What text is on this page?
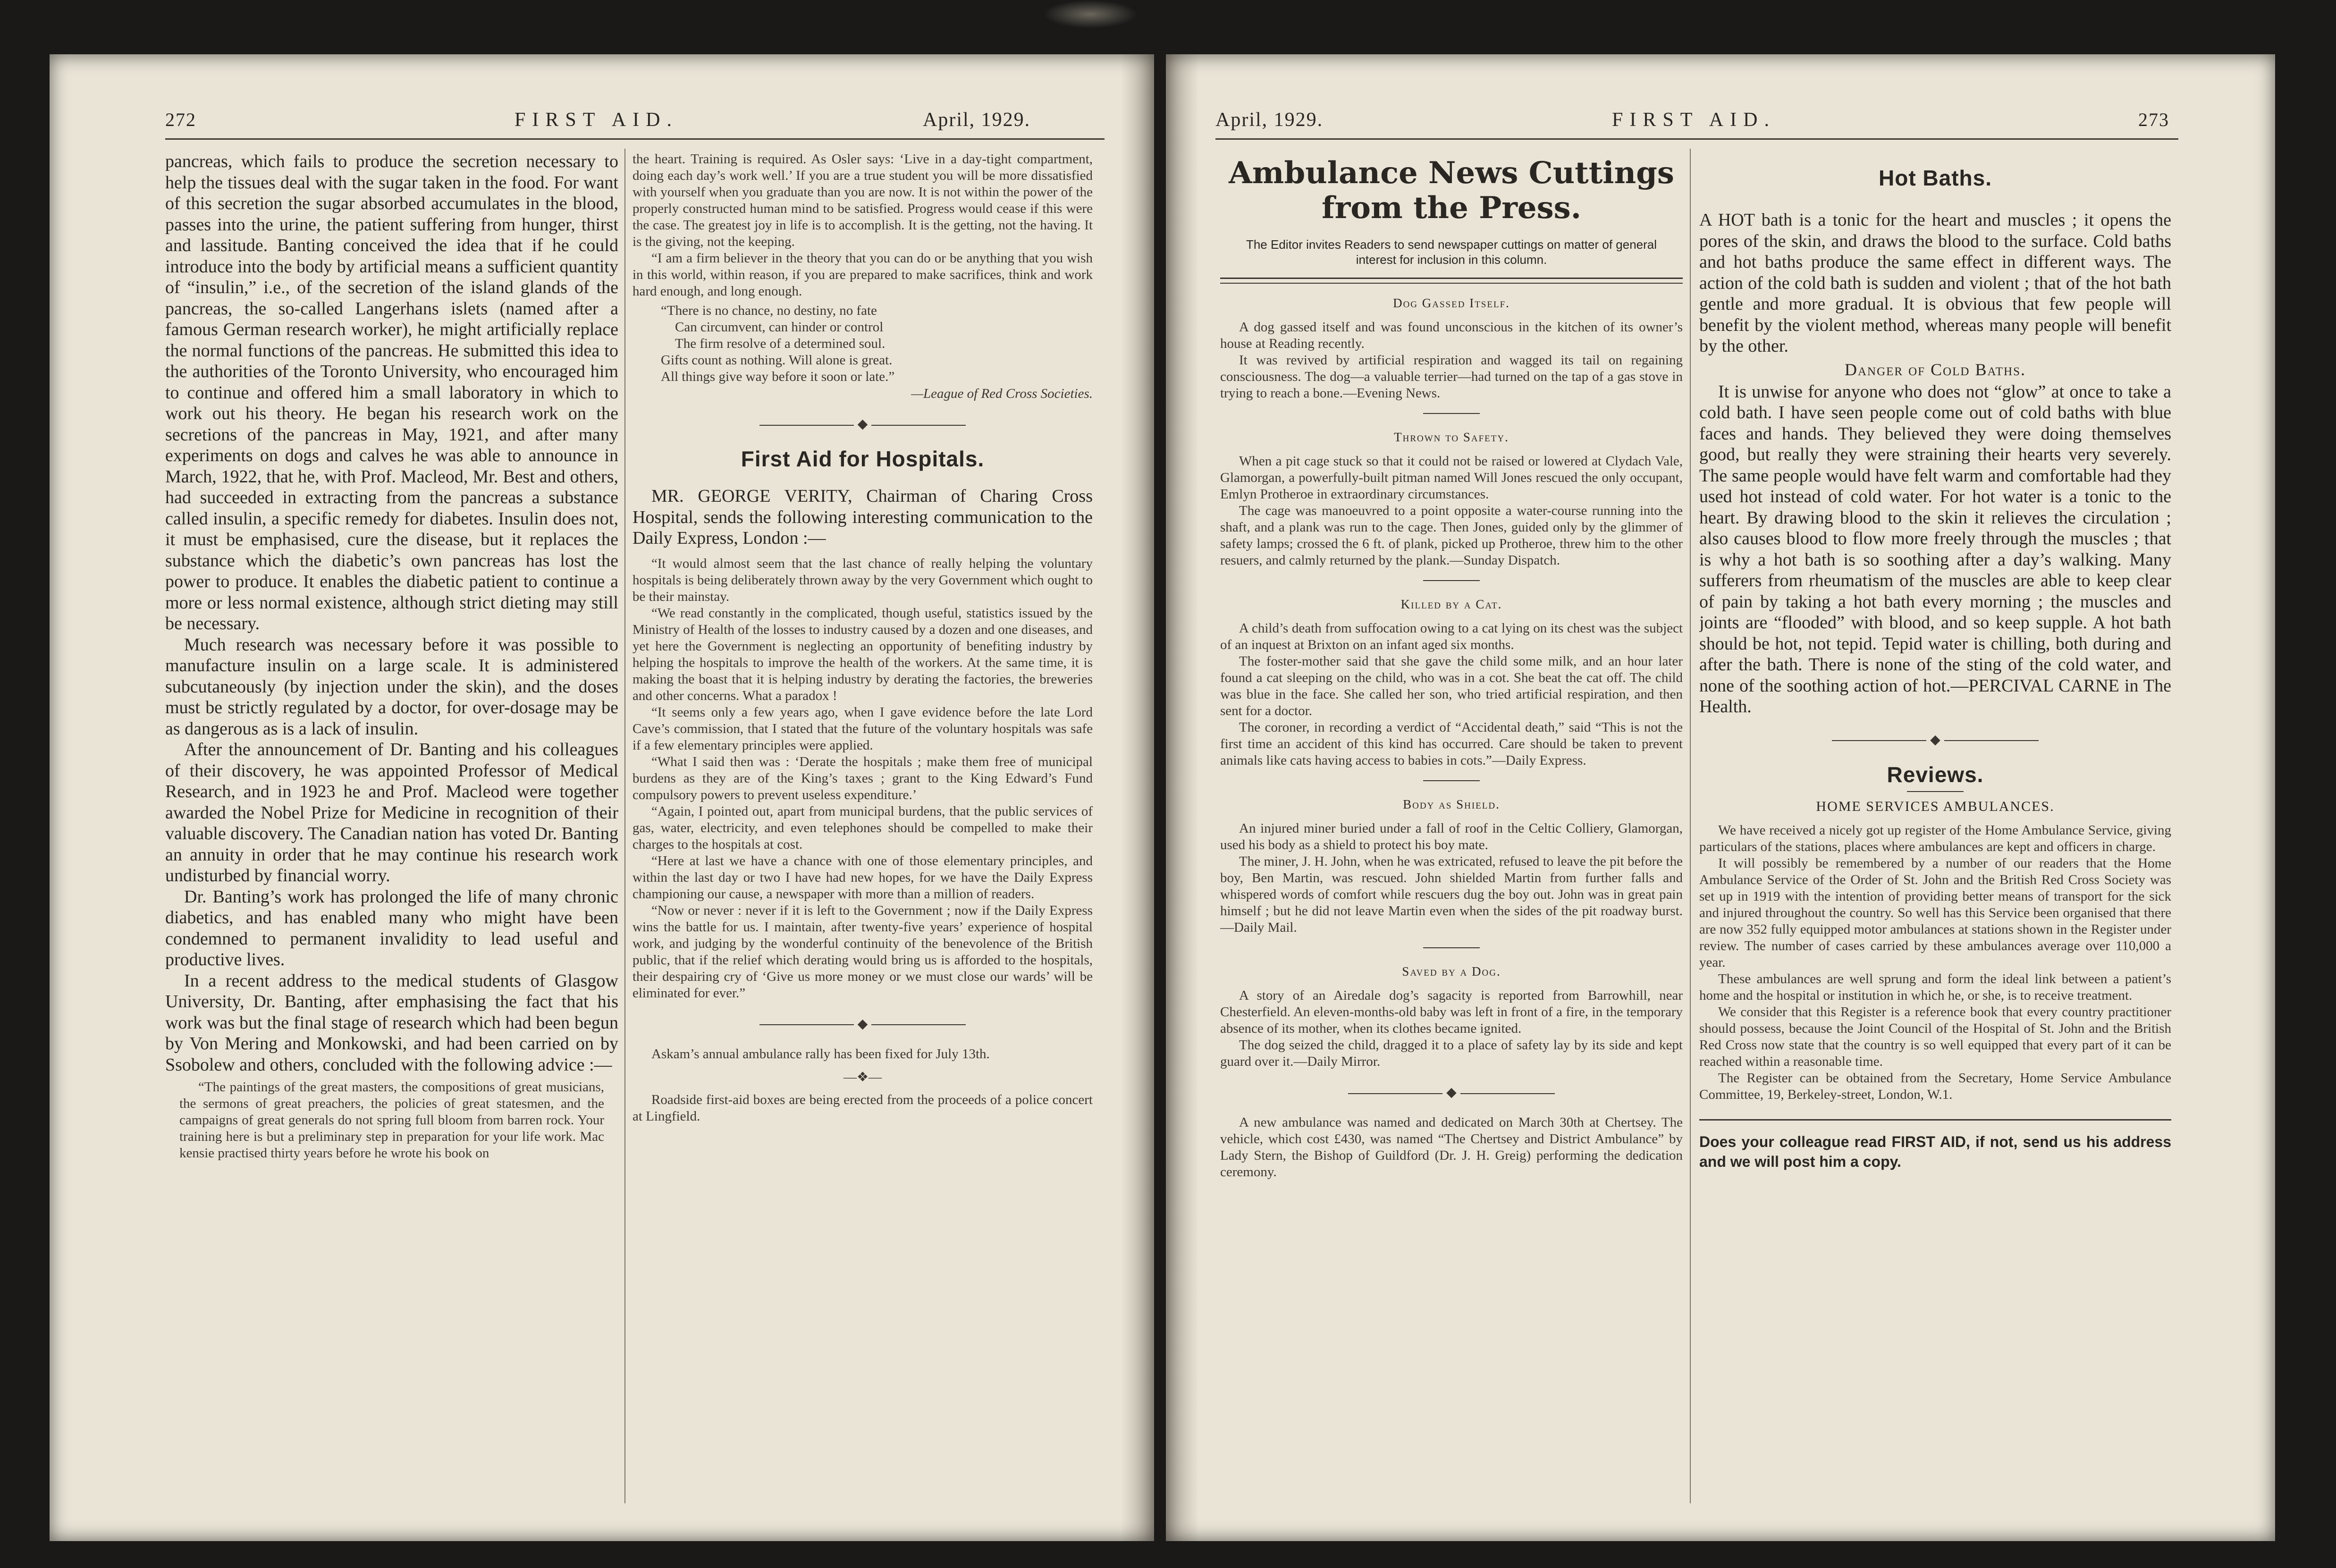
272	FIRST AID.	April, 1929.

pancreas, which fails to produce the secretion necessary to help the tissues deal with the sugar taken in the food. For want of this secretion the sugar absorbed accumulates in the blood, passes into the urine, the patient suffering from hunger, thirst and lassitude. Banting conceived the idea that if he could introduce into the body by artificial means a sufficient quantity of “insulin,” i.e., of the secretion of the island glands of the pancreas, the so-called Langerhans islets (named after a famous German research worker), he might artificially replace the normal functions of the pancreas. He submitted this idea to the authorities of the Toronto University, who encouraged him to continue and offered him a small laboratory in which to work out his theory. He began his research work on the secretions of the pancreas in May, 1921, and after many experiments on dogs and calves he was able to announce in March, 1922, that he, with Prof. Macleod, Mr. Best and others, had succeeded in extracting from the pancreas a substance called insulin, a specific remedy for diabetes. Insulin does not, it must be emphasised, cure the disease, but it replaces the substance which the diabetic’s own pancreas has lost the power to produce. It enables the diabetic patient to continue a more or less normal existence, although strict dieting may still be necessary.

Much research was necessary before it was possible to manufacture insulin on a large scale. It is administered subcutaneously (by injection under the skin), and the doses must be strictly regulated by a doctor, for over-dosage may be as dangerous as is a lack of insulin.

After the announcement of Dr. Banting and his colleagues of their discovery, he was appointed Professor of Medical Research, and in 1923 he and Prof. Macleod were together awarded the Nobel Prize for Medicine in recognition of their valuable discovery. The Canadian nation has voted Dr. Banting an annuity in order that he may continue his research work undisturbed by financial worry.

Dr. Banting’s work has prolonged the life of many chronic diabetics, and has enabled many who might have been condemned to permanent invalidity to lead useful and productive lives.

In a recent address to the medical students of Glasgow University, Dr. Banting, after emphasising the fact that his work was but the final stage of research which had been begun by Von Mering and Monkowski, and had been carried on by Ssobolew and others, concluded with the following advice :—

“The paintings of the great masters, the compositions of great musicians, the sermons of great preachers, the policies of great statesmen, and the campaigns of great generals do not spring full bloom from barren rock. Your training here is but a preliminary step in preparation for your life work. Mac kensie practised thirty years before he wrote his book on

the heart. Training is required. As Osler says: ‘Live in a day-tight compartment, doing each day’s work well.’ If you are a true student you will be more dissatisfied with yourself when you graduate than you are now. It is not within the power of the properly constructed human mind to be satisfied. Progress would cease if this were the case. The greatest joy in life is to accomplish. It is the getting, not the having. It is the giving, not the keeping.

“I am a firm believer in the theory that you can do or be anything that you wish in this world, within reason, if you are prepared to make sacrifices, think and work hard enough, and long enough.

“There is no chance, no destiny, no fate
Can circumvent, can hinder or control
The firm resolve of a determined soul.
Gifts count as nothing. Will alone is great.
All things give way before it soon or late.”
—League of Red Cross Societies.
◆
First Aid for Hospitals.

MR. GEORGE VERITY, Chairman of Charing Cross Hospital, sends the following interesting communication to the Daily Express, London :—

“It would almost seem that the last chance of really helping the voluntary hospitals is being deliberately thrown away by the very Government which ought to be their mainstay.

“We read constantly in the complicated, though useful, statistics issued by the Ministry of Health of the losses to industry caused by a dozen and one diseases, and yet here the Government is neglecting an opportunity of benefiting industry by helping the hospitals to improve the health of the workers. At the same time, it is making the boast that it is helping industry by derating the factories, the breweries and other concerns. What a paradox !

“It seems only a few years ago, when I gave evidence before the late Lord Cave’s commission, that I stated that the future of the voluntary hospitals was safe if a few elementary principles were applied.

“What I said then was : ‘Derate the hospitals ; make them free of municipal burdens as they are of the King’s taxes ; grant to the King Edward’s Fund compulsory powers to prevent useless expenditure.’

“Again, I pointed out, apart from municipal burdens, that the public services of gas, water, electricity, and even telephones should be compelled to make their charges to the hospitals at cost.

“Here at last we have a chance with one of those elementary principles, and within the last day or two I have had new hopes, for we have the Daily Express championing our cause, a newspaper with more than a million of readers.

“Now or never : never if it is left to the Government ; now if the Daily Express wins the battle for us. I maintain, after twenty-five years’ experience of hospital work, and judging by the wonderful continuity of the benevolence of the British public, that if the relief which derating would bring us is afforded to the hospitals, their despairing cry of ‘Give us more money or we must close our wards’ will be eliminated for ever.”

◆

Askam’s annual ambulance rally has been fixed for July 13th.

—❖—

Roadside first-aid boxes are being erected from the proceeds of a police concert at Lingfield.

April, 1929.	FIRST AID.	273
Ambulance News Cuttings from the Press.
The Editor invites Readers to send newspaper cuttings on matter of general interest for inclusion in this column.
Dog Gassed Itself.

A dog gassed itself and was found unconscious in the kitchen of its owner’s house at Reading recently.

It was revived by artificial respiration and wagged its tail on regaining consciousness. The dog—a valuable terrier—had turned on the tap of a gas stove in trying to reach a bone.—Evening News.

Thrown to Safety.

When a pit cage stuck so that it could not be raised or lowered at Clydach Vale, Glamorgan, a powerfully-built pitman named Will Jones rescued the only occupant, Emlyn Protheroe in extraordinary circumstances.

The cage was manoeuvred to a point opposite a water-course running into the shaft, and a plank was run to the cage. Then Jones, guided only by the glimmer of safety lamps; crossed the 6 ft. of plank, picked up Protheroe, threw him to the other resuers, and calmly returned by the plank.—Sunday Dispatch.

Killed by a Cat.

A child’s death from suffocation owing to a cat lying on its chest was the subject of an inquest at Brixton on an infant aged six months.

The foster-mother said that she gave the child some milk, and an hour later found a cat sleeping on the child, who was in a cot. She beat the cat off. The child was blue in the face. She called her son, who tried artificial respiration, and then sent for a doctor.

The coroner, in recording a verdict of “Accidental death,” said “This is not the first time an accident of this kind has occurred. Care should be taken to prevent animals like cats having access to babies in cots.”—Daily Express.

Body as Shield.

An injured miner buried under a fall of roof in the Celtic Colliery, Glamorgan, used his body as a shield to protect his boy mate.

The miner, J. H. John, when he was extricated, refused to leave the pit before the boy, Ben Martin, was rescued. John shielded Martin from further falls and whispered words of comfort while rescuers dug the boy out. John was in great pain himself ; but he did not leave Martin even when the sides of the pit roadway burst.—Daily Mail.

Saved by a Dog.

A story of an Airedale dog’s sagacity is reported from Barrowhill, near Chesterfield. An eleven-months-old baby was left in front of a fire, in the temporary absence of its mother, when its clothes became ignited.

The dog seized the child, dragged it to a place of safety lay by its side and kept guard over it.—Daily Mirror.

◆

A new ambulance was named and dedicated on March 30th at Chertsey. The vehicle, which cost £430, was named “The Chertsey and District Ambulance” by Lady Stern, the Bishop of Guildford (Dr. J. H. Greig) performing the dedication ceremony.

Hot Baths.

A HOT bath is a tonic for the heart and muscles ; it opens the pores of the skin, and draws the blood to the surface. Cold baths and hot baths produce the same effect in different ways. The action of the cold bath is sudden and violent ; that of the hot bath gentle and more gradual. It is obvious that few people will benefit by the violent method, whereas many people will benefit by the other.

Danger of Cold Baths.

It is unwise for anyone who does not “glow” at once to take a cold bath. I have seen people come out of cold baths with blue faces and hands. They believed they were doing themselves good, but really they were straining their hearts very severely. The same people would have felt warm and comfortable had they used hot instead of cold water. For hot water is a tonic to the heart. By drawing blood to the skin it relieves the circulation ; also causes blood to flow more freely through the muscles ; that is why a hot bath is so soothing after a day’s walking. Many sufferers from rheumatism of the muscles are able to keep clear of pain by taking a hot bath every morning ; the muscles and joints are “flooded” with blood, and so keep supple. A hot bath should be hot, not tepid. Tepid water is chilling, both during and after the bath. There is none of the sting of the cold water, and none of the soothing action of hot.—PERCIVAL CARNE in The Health.

◆
Reviews.
HOME SERVICES AMBULANCES.

We have received a nicely got up register of the Home Ambulance Service, giving particulars of the stations, places where ambulances are kept and officers in charge.

It will possibly be remembered by a number of our readers that the Home Ambulance Service of the Order of St. John and the British Red Cross Society was set up in 1919 with the intention of providing better means of transport for the sick and injured throughout the country. So well has this Service been organised that there are now 352 fully equipped motor ambulances at stations shown in the Register under review. The number of cases carried by these ambulances average over 110,000 a year.

These ambulances are well sprung and form the ideal link between a patient’s home and the hospital or institution in which he, or she, is to receive treatment.

We consider that this Register is a reference book that every country practitioner should possess, because the Joint Council of the Hospital of St. John and the British Red Cross now state that the country is so well equipped that every part of it can be reached within a reasonable time.

The Register can be obtained from the Secretary, Home Service Ambulance Committee, 19, Berkeley-street, London, W.1.

Does your colleague read FIRST AID, if not, send us his address and we will post him a copy.
